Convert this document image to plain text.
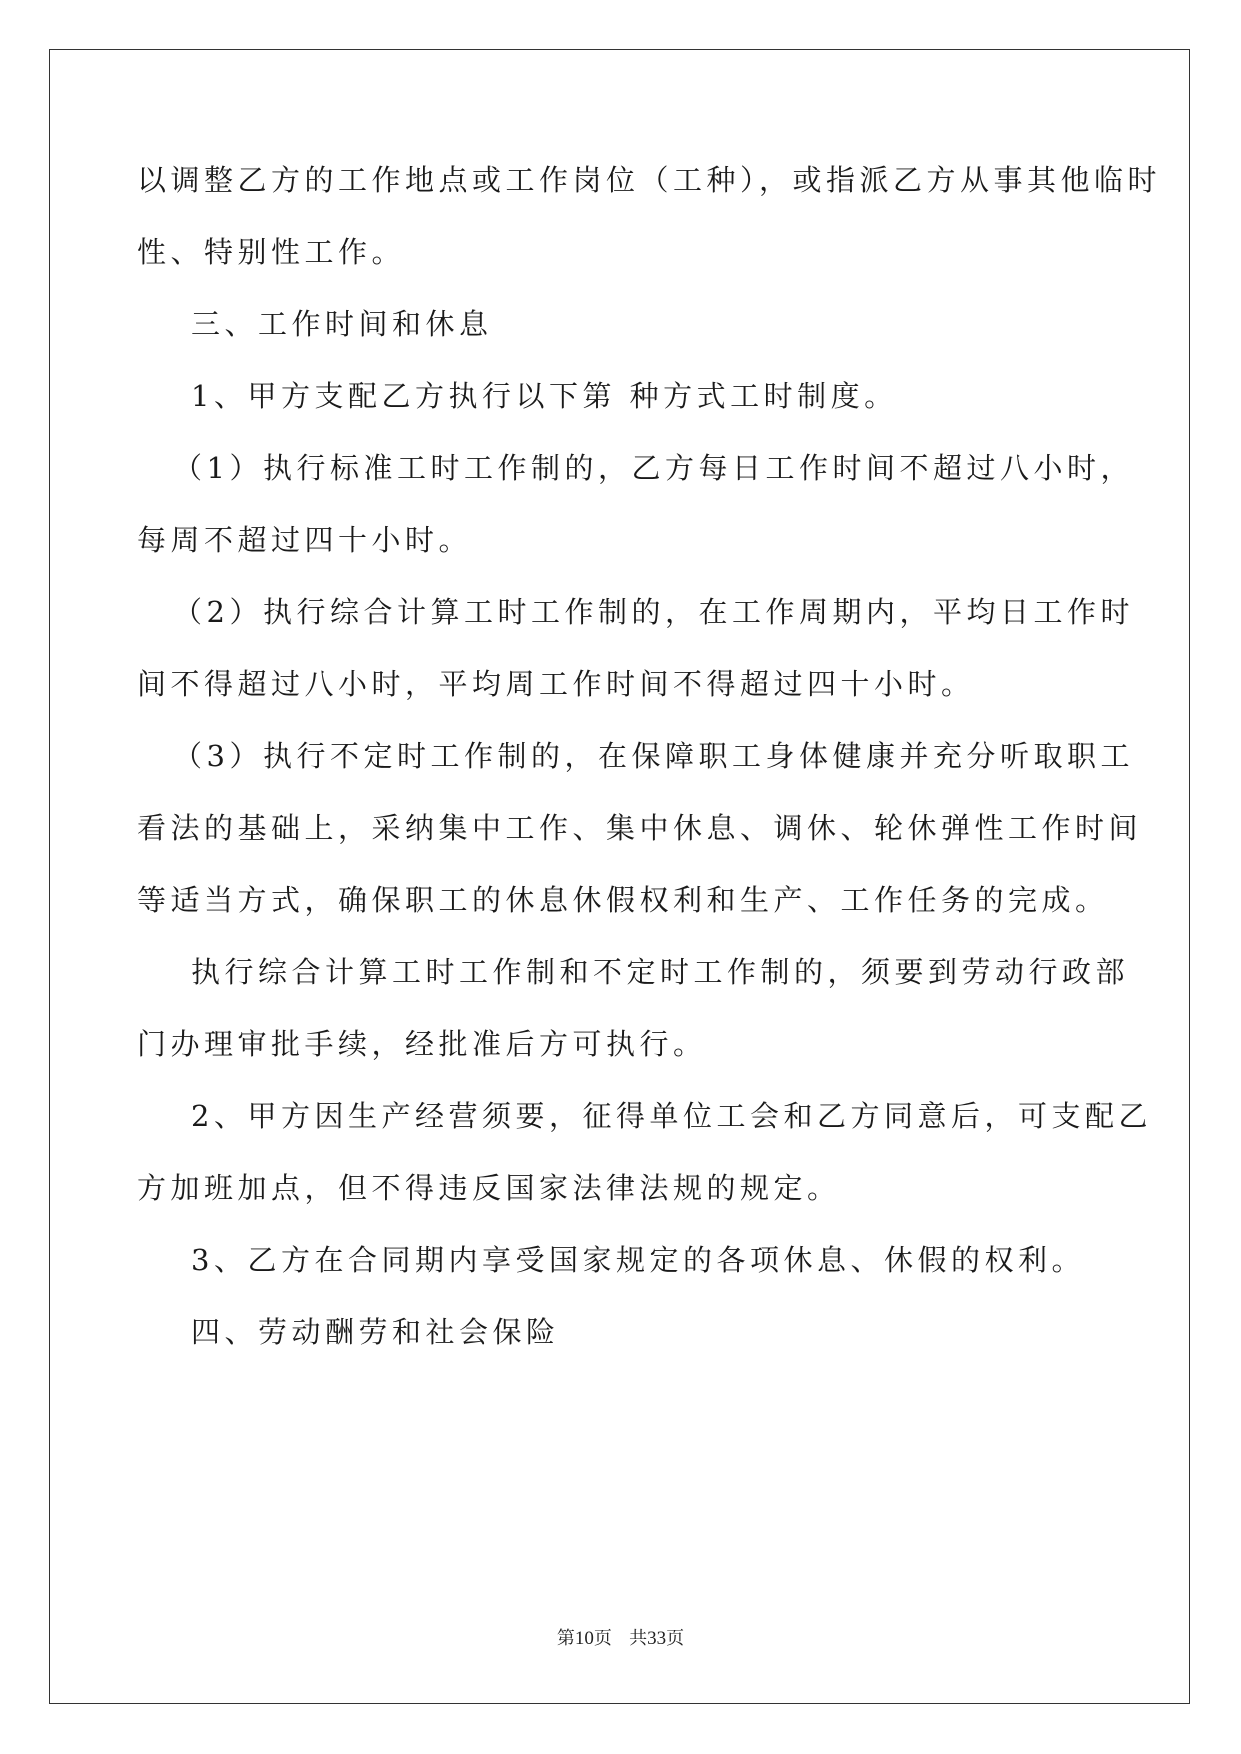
以调整乙方的工作地点或工作岗位（工种），或指派乙方从事其他临时
性、特别性工作。
三、工作时间和休息
1、甲方支配乙方执行以下第 种方式工时制度。
（1）执行标准工时工作制的，乙方每日工作时间不超过八小时，
每周不超过四十小时。
（2）执行综合计算工时工作制的，在工作周期内，平均日工作时
间不得超过八小时，平均周工作时间不得超过四十小时。
（3）执行不定时工作制的，在保障职工身体健康并充分听取职工
看法的基础上，采纳集中工作、集中休息、调休、轮休弹性工作时间
等适当方式，确保职工的休息休假权利和生产、工作任务的完成。
执行综合计算工时工作制和不定时工作制的，须要到劳动行政部
门办理审批手续，经批准后方可执行。
2、甲方因生产经营须要，征得单位工会和乙方同意后，可支配乙
方加班加点，但不得违反国家法律法规的规定。
3、乙方在合同期内享受国家规定的各项休息、休假的权利。
四、劳动酬劳和社会保险
第10页 共33页
